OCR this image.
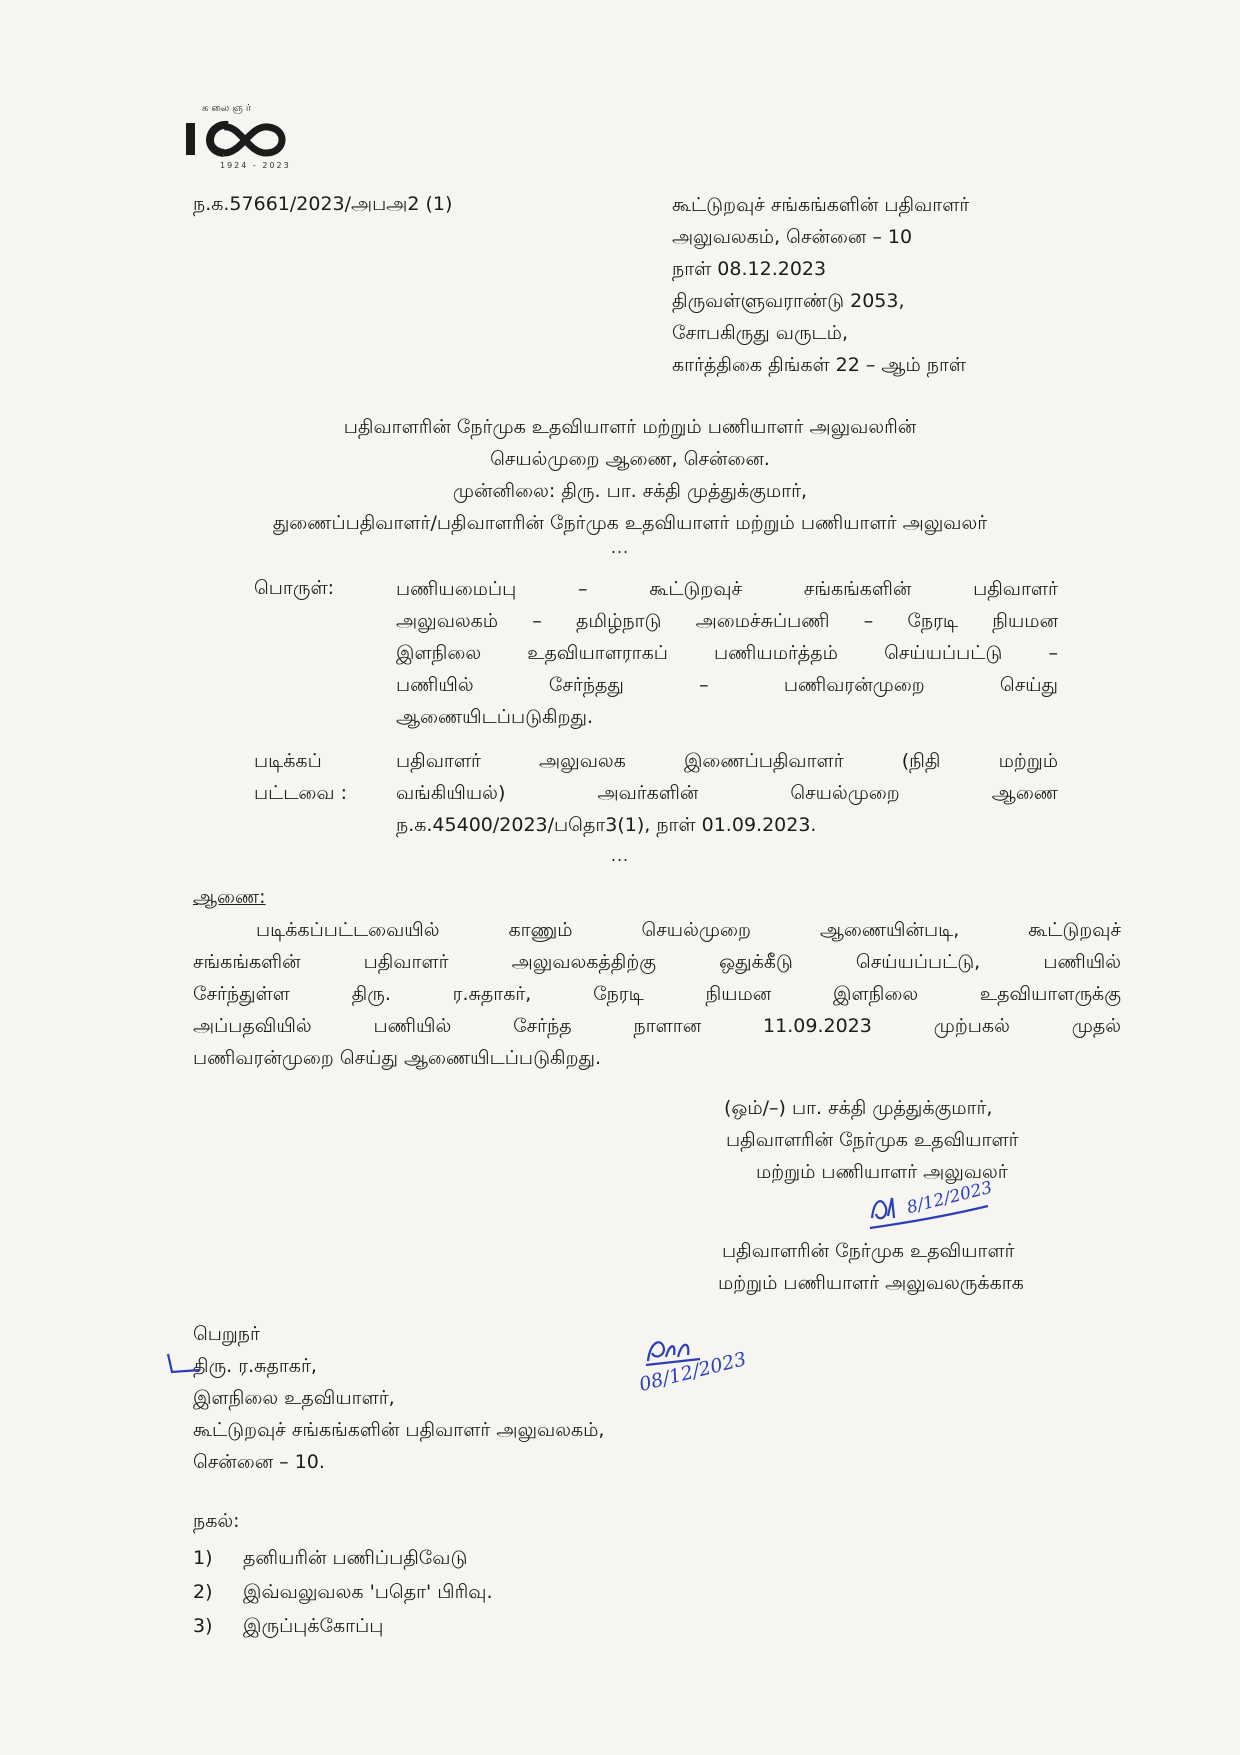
கலைஞர்
1924 - 2023
ந.க.57661/2023/அபஅ2 (1)	கூட்டுறவுச் சங்கங்களின் பதிவாளர்
அலுவலகம், சென்னை – 10
நாள் 08.12.2023
திருவள்ளுவராண்டு 2053,
சோபகிருது வருடம்,
கார்த்திகை திங்கள் 22 – ஆம் நாள்
பதிவாளரின் நேர்முக உதவியாளர் மற்றும் பணியாளர் அலுவலரின்
செயல்முறை ஆணை, சென்னை.
முன்னிலை: திரு. பா. சக்தி முத்துக்குமார்,
துணைப்பதிவாளர்/பதிவாளரின் நேர்முக உதவியாளர் மற்றும் பணியாளர் அலுவலர்
...
பொருள்:	பணியமைப்பு – கூட்டுறவுச் சங்கங்களின் பதிவாளர்
அலுவலகம் – தமிழ்நாடு அமைச்சுப்பணி – நேரடி நியமன
இளநிலை உதவியாளராகப் பணியமர்த்தம் செய்யப்பட்டு –
பணியில் சேர்ந்தது – பணிவரன்முறை செய்து
ஆணையிடப்படுகிறது.
படிக்கப்
பட்டவை :
பதிவாளர் அலுவலக இணைப்பதிவாளர் (நிதி மற்றும்
வங்கியியல்) அவர்களின் செயல்முறை ஆணை
ந.க.45400/2023/பதொ3(1), நாள் 01.09.2023.
...
ஆணை:
படிக்கப்பட்டவையில் காணும் செயல்முறை ஆணையின்படி, கூட்டுறவுச்
சங்கங்களின் பதிவாளர் அலுவலகத்திற்கு ஒதுக்கீடு செய்யப்பட்டு, பணியில்
சேர்ந்துள்ள திரு. ர.சுதாகர், நேரடி நியமன இளநிலை உதவியாளருக்கு
அப்பதவியில் பணியில் சேர்ந்த நாளான 11.09.2023 முற்பகல் முதல்
பணிவரன்முறை செய்து ஆணையிடப்படுகிறது.
(ஒம்/–) பா. சக்தி முத்துக்குமார்,
பதிவாளரின் நேர்முக உதவியாளர்
மற்றும் பணியாளர் அலுவலர்
8/12/2023
பதிவாளரின் நேர்முக உதவியாளர்
மற்றும் பணியாளர் அலுவலருக்காக
பெறுநர்
திரு. ர.சுதாகர்,
இளநிலை உதவியாளர்,
கூட்டுறவுச் சங்கங்களின் பதிவாளர் அலுவலகம்,
சென்னை – 10.
08/12/2023
நகல்:
1) தனியரின் பணிப்பதிவேடு
2) இவ்வலுவலக 'பதொ' பிரிவு.
3) இருப்புக்கோப்பு
